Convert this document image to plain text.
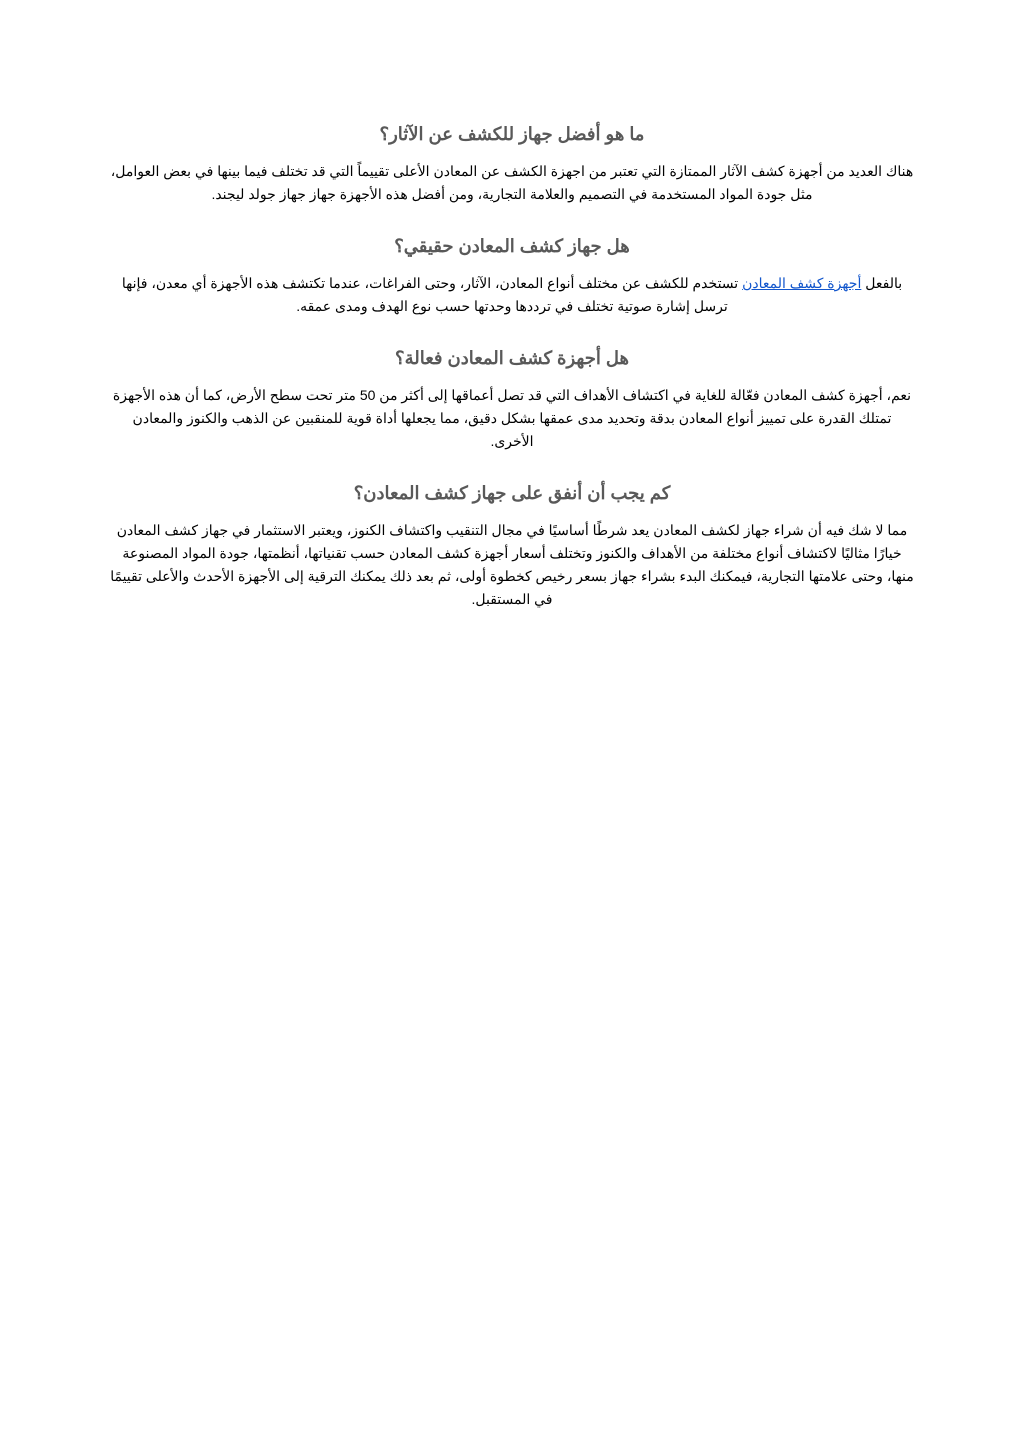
ما هو أفضل جهاز للكشف عن الآثار؟

هناك العديد من أجهزة كشف الآثار الممتازة التي تعتبر من اجهزة الكشف عن المعادن الأعلى تقييماً التي قد تختلف فيما بينها في بعض العوامل، مثل جودة المواد المستخدمة في التصميم والعلامة التجارية، ومن أفضل هذه الأجهزة جهاز جهاز جولد ليجند.

هل جهاز كشف المعادن حقيقي؟

بالفعل أجهزة كشف المعادن تستخدم للكشف عن مختلف أنواع المعادن، الآثار، وحتى الفراغات، عندما تكتشف هذه الأجهزة أي معدن، فإنها ترسل إشارة صوتية تختلف في ترددها وحدتها حسب نوع الهدف ومدى عمقه.

هل أجهزة كشف المعادن فعالة؟

نعم، أجهزة كشف المعادن فعّالة للغاية في اكتشاف الأهداف التي قد تصل أعماقها إلى أكثر من 50 متر تحت سطح الأرض، كما أن هذه الأجهزة تمتلك القدرة على تمييز أنواع المعادن بدقة وتحديد مدى عمقها بشكل دقيق، مما يجعلها أداة قوية للمنقبين عن الذهب والكنوز والمعادن الأخرى.

كم يجب أن أنفق على جهاز كشف المعادن؟

مما لا شك فيه أن شراء جهاز لكشف المعادن يعد شرطًا أساسيًا في مجال التنقيب واكتشاف الكنوز، ويعتبر الاستثمار في جهاز كشف المعادن خيارًا مثاليًا لاكتشاف أنواع مختلفة من الأهداف والكنوز وتختلف أسعار أجهزة كشف المعادن حسب تقنياتها، أنظمتها، جودة المواد المصنوعة منها، وحتى علامتها التجارية، فيمكنك البدء بشراء جهاز بسعر رخيص كخطوة أولى، ثم بعد ذلك يمكنك الترقية إلى الأجهزة الأحدث والأعلى تقييمًا في المستقبل.
